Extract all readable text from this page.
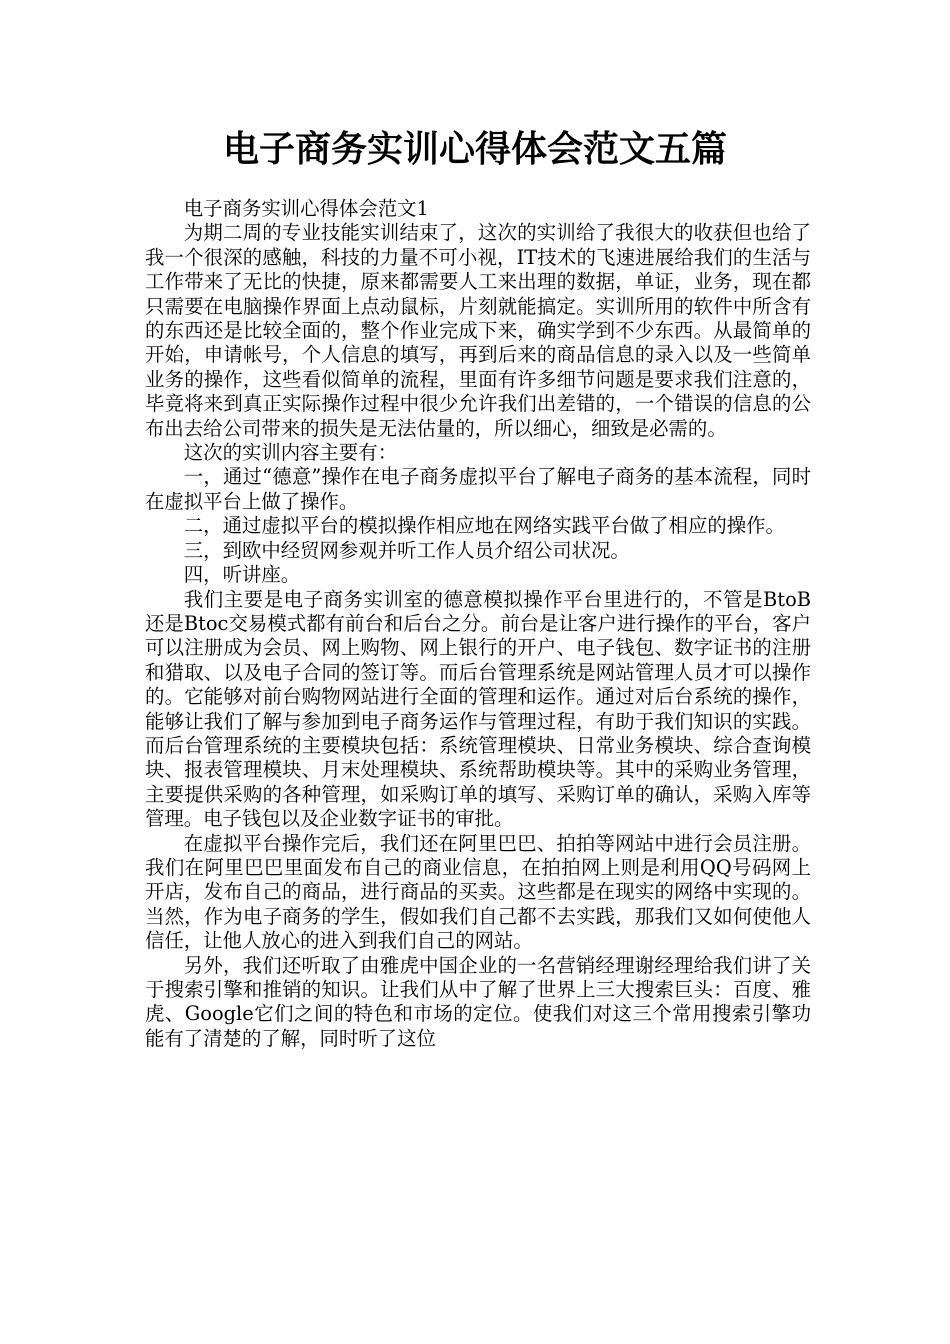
电子商务实训心得体会范文五篇

电子商务实训心得体会范文1

为期二周的专业技能实训结束了，这次的实训给了我很大的收获但也给了我一个很深的感触，科技的力量不可小视，IT技术的飞速进展给我们的生活与工作带来了无比的快捷，原来都需要人工来出理的数据，单证，业务，现在都只需要在电脑操作界面上点动鼠标，片刻就能搞定。实训所用的软件中所含有的东西还是比较全面的，整个作业完成下来，确实学到不少东西。从最简单的开始，申请帐号，个人信息的填写，再到后来的商品信息的录入以及一些简单业务的操作，这些看似简单的流程，里面有许多细节问题是要求我们注意的，毕竟将来到真正实际操作过程中很少允许我们出差错的，一个错误的信息的公布出去给公司带来的损失是无法估量的，所以细心，细致是必需的。

这次的实训内容主要有：

一，通过“德意”操作在电子商务虚拟平台了解电子商务的基本流程，同时在虚拟平台上做了操作。

二，通过虚拟平台的模拟操作相应地在网络实践平台做了相应的操作。

三，到欧中经贸网参观并听工作人员介绍公司状况。

四，听讲座。

我们主要是电子商务实训室的德意模拟操作平台里进行的，不管是BtoB还是Btoc交易模式都有前台和后台之分。前台是让客户进行操作的平台，客户可以注册成为会员、网上购物、网上银行的开户、电子钱包、数字证书的注册和猎取、以及电子合同的签订等。而后台管理系统是网站管理人员才可以操作的。它能够对前台购物网站进行全面的管理和运作。通过对后台系统的操作，能够让我们了解与参加到电子商务运作与管理过程，有助于我们知识的实践。而后台管理系统的主要模块包括：系统管理模块、日常业务模块、综合查询模块、报表管理模块、月末处理模块、系统帮助模块等。其中的采购业务管理，主要提供采购的各种管理，如采购订单的填写、采购订单的确认，采购入库等管理。电子钱包以及企业数字证书的审批。

在虚拟平台操作完后，我们还在阿里巴巴、拍拍等网站中进行会员注册。我们在阿里巴巴里面发布自己的商业信息，在拍拍网上则是利用QQ号码网上开店，发布自己的商品，进行商品的买卖。这些都是在现实的网络中实现的。当然，作为电子商务的学生，假如我们自己都不去实践，那我们又如何使他人信任，让他人放心的进入到我们自己的网站。

另外，我们还听取了由雅虎中国企业的一名营销经理谢经理给我们讲了关于搜索引擎和推销的知识。让我们从中了解了世界上三大搜索巨头：百度、雅虎、Google它们之间的特色和市场的定位。使我们对这三个常用搜索引擎功能有了清楚的了解，同时听了这位
